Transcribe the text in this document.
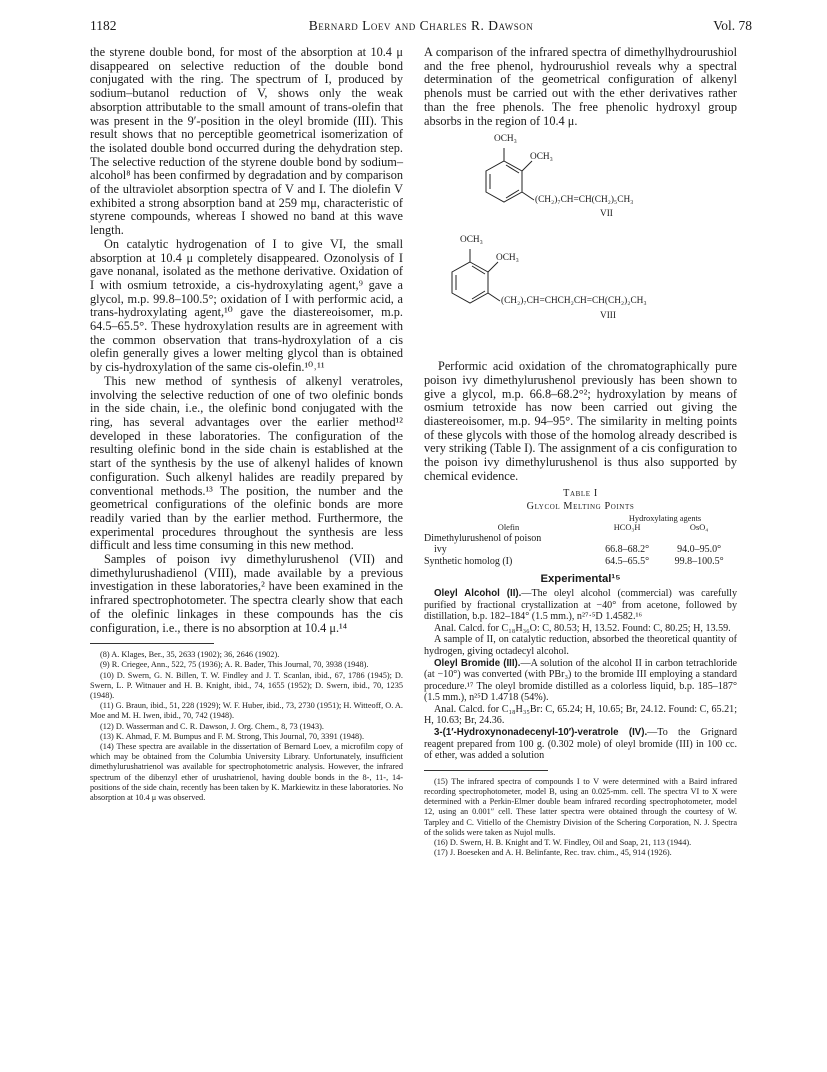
1182	Bernard Loev and Charles R. Dawson	Vol. 78

the styrene double bond, for most of the absorption at 10.4 μ disappeared on selective reduction of the double bond conjugated with the ring. The spectrum of I, produced by sodium–butanol reduction of V, shows only the weak absorption attributable to the small amount of trans-olefin that was present in the 9′-position in the oleyl bromide (III). This result shows that no perceptible geometrical isomerization of the isolated double bond occurred during the dehydration step. The selective reduction of the styrene double bond by sodium–alcohol⁸ has been confirmed by degradation and by comparison of the ultraviolet absorption spectra of V and I. The diolefin V exhibited a strong absorption band at 259 mμ, characteristic of styrene compounds, whereas I showed no band at this wave length.

On catalytic hydrogenation of I to give VI, the small absorption at 10.4 μ completely disappeared. Ozonolysis of I gave nonanal, isolated as the methone derivative. Oxidation of I with osmium tetroxide, a cis-hydroxylating agent,⁹ gave a glycol, m.p. 99.8–100.5°; oxidation of I with performic acid, a trans-hydroxylating agent,¹⁰ gave the diastereoisomer, m.p. 64.5–65.5°. These hydroxylation results are in agreement with the common observation that trans-hydroxylation of a cis olefin generally gives a lower melting glycol than is obtained by cis-hydroxylation of the same cis-olefin.¹⁰˒¹¹

This new method of synthesis of alkenyl veratroles, involving the selective reduction of one of two olefinic bonds in the side chain, i.e., the olefinic bond conjugated with the ring, has several advantages over the earlier method¹² developed in these laboratories. The configuration of the resulting olefinic bond in the side chain is established at the start of the synthesis by the use of alkenyl halides of known configuration. Such alkenyl halides are readily prepared by conventional methods.¹³ The position, the number and the geometrical configurations of the olefinic bonds are more readily varied than by the earlier method. Furthermore, the experimental procedures throughout the synthesis are less difficult and less time consuming in this new method.

Samples of poison ivy dimethylurushenol (VII) and dimethylurushadienol (VIII), made available by a previous investigation in these laboratories,² have been examined in the infrared spectrophotometer. The spectra clearly show that each of the olefinic linkages in these compounds has the cis configuration, i.e., there is no absorption at 10.4 μ.¹⁴

(8) A. Klages, Ber., 35, 2633 (1902); 36, 2646 (1902).

(9) R. Criegee, Ann., 522, 75 (1936); A. R. Bader, This Journal, 70, 3938 (1948).

(10) D. Swern, G. N. Billen, T. W. Findley and J. T. Scanlan, ibid., 67, 1786 (1945); D. Swern, L. P. Witnauer and H. B. Knight, ibid., 74, 1655 (1952); D. Swern, ibid., 70, 1235 (1948).

(11) G. Braun, ibid., 51, 228 (1929); W. F. Huber, ibid., 73, 2730 (1951); H. Witteoff, O. A. Moe and M. H. Iwen, ibid., 70, 742 (1948).

(12) D. Wasserman and C. R. Dawson, J. Org. Chem., 8, 73 (1943).

(13) K. Ahmad, F. M. Bumpus and F. M. Strong, This Journal, 70, 3391 (1948).

(14) These spectra are available in the dissertation of Bernard Loev, a microfilm copy of which may be obtained from the Columbia University Library. Unfortunately, insufficient dimethylurushatrienol was available for spectrophotometric analysis. However, the infrared spectrum of the dibenzyl ether of urushatrienol, having double bonds in the 8-, 11-, 14-positions of the side chain, recently has been taken by K. Markiewitz in these laboratories. No absorption at 10.4 μ was observed.

A comparison of the infrared spectra of dimethylhydrourushiol and the free phenol, hydrourushiol reveals why a spectral determination of the geometrical configuration of alkenyl phenols must be carried out with the ether derivatives rather than the free phenols. The free phenolic hydroxyl group absorbs in the region of 10.4 μ.

OCH₃
OCH₃
(CH₂)₇CH=CH(CH₂)₅CH₃
VII
OCH₃
OCH₃
(CH₂)₇CH=CHCH₂CH=CH(CH₂)₂CH₃
VIII

Performic acid oxidation of the chromatographically pure poison ivy dimethylurushenol previously has been shown to give a glycol, m.p. 66.8–68.2°²; hydroxylation by means of osmium tetroxide has now been carried out giving the diastereoisomer, m.p. 94–95°. The similarity in melting points of these glycols with those of the homolog already described is very striking (Table I). The assignment of a cis configuration to the poison ivy dimethylurushenol is thus also supported by chemical evidence.

Table I
Glycol Melting Points
	Hydroxylating agents	
Olefin	HCO₃H	OsO₄
Dimethylurushenol of poison		
ivy	66.8–68.2°	94.0–95.0°
Synthetic homolog (I)	64.5–65.5°	99.8–100.5°
Experimental¹⁵

Oleyl Alcohol (II).—The oleyl alcohol (commercial) was carefully purified by fractional crystallization at −40° from acetone, followed by distillation, b.p. 182–184° (1.5 mm.), n²⁷·⁵D 1.4582.¹⁶

Anal. Calcd. for C₁₈H₃₆O: C, 80.53; H, 13.52. Found: C, 80.25; H, 13.59.

A sample of II, on catalytic reduction, absorbed the theoretical quantity of hydrogen, giving octadecyl alcohol.

Oleyl Bromide (III).—A solution of the alcohol II in carbon tetrachloride (at −10°) was converted (with PBr₃) to the bromide III employing a standard procedure.¹⁷ The oleyl bromide distilled as a colorless liquid, b.p. 185–187° (1.5 mm.), n²⁵D 1.4718 (54%).

Anal. Calcd. for C₁₈H₃₅Br: C, 65.24; H, 10.65; Br, 24.12. Found: C, 65.21; H, 10.63; Br, 24.36.

3-(1′-Hydroxynonadecenyl-10′)-veratrole (IV).—To the Grignard reagent prepared from 100 g. (0.302 mole) of oleyl bromide (III) in 100 cc. of ether, was added a solution

(15) The infrared spectra of compounds I to V were determined with a Baird infrared recording spectrophotometer, model B, using an 0.025-mm. cell. The spectra VI to X were determined with a Perkin-Elmer double beam infrared recording spectrophotometer, model 12, using an 0.001″ cell. These latter spectra were obtained through the courtesy of W. Tarpley and C. Vitiello of the Chemistry Division of the Schering Corporation, N. J. Spectra of the solids were taken as Nujol mulls.

(16) D. Swern, H. B. Knight and T. W. Findley, Oil and Soap, 21, 113 (1944).

(17) J. Boeseken and A. H. Belinfante, Rec. trav. chim., 45, 914 (1926).
